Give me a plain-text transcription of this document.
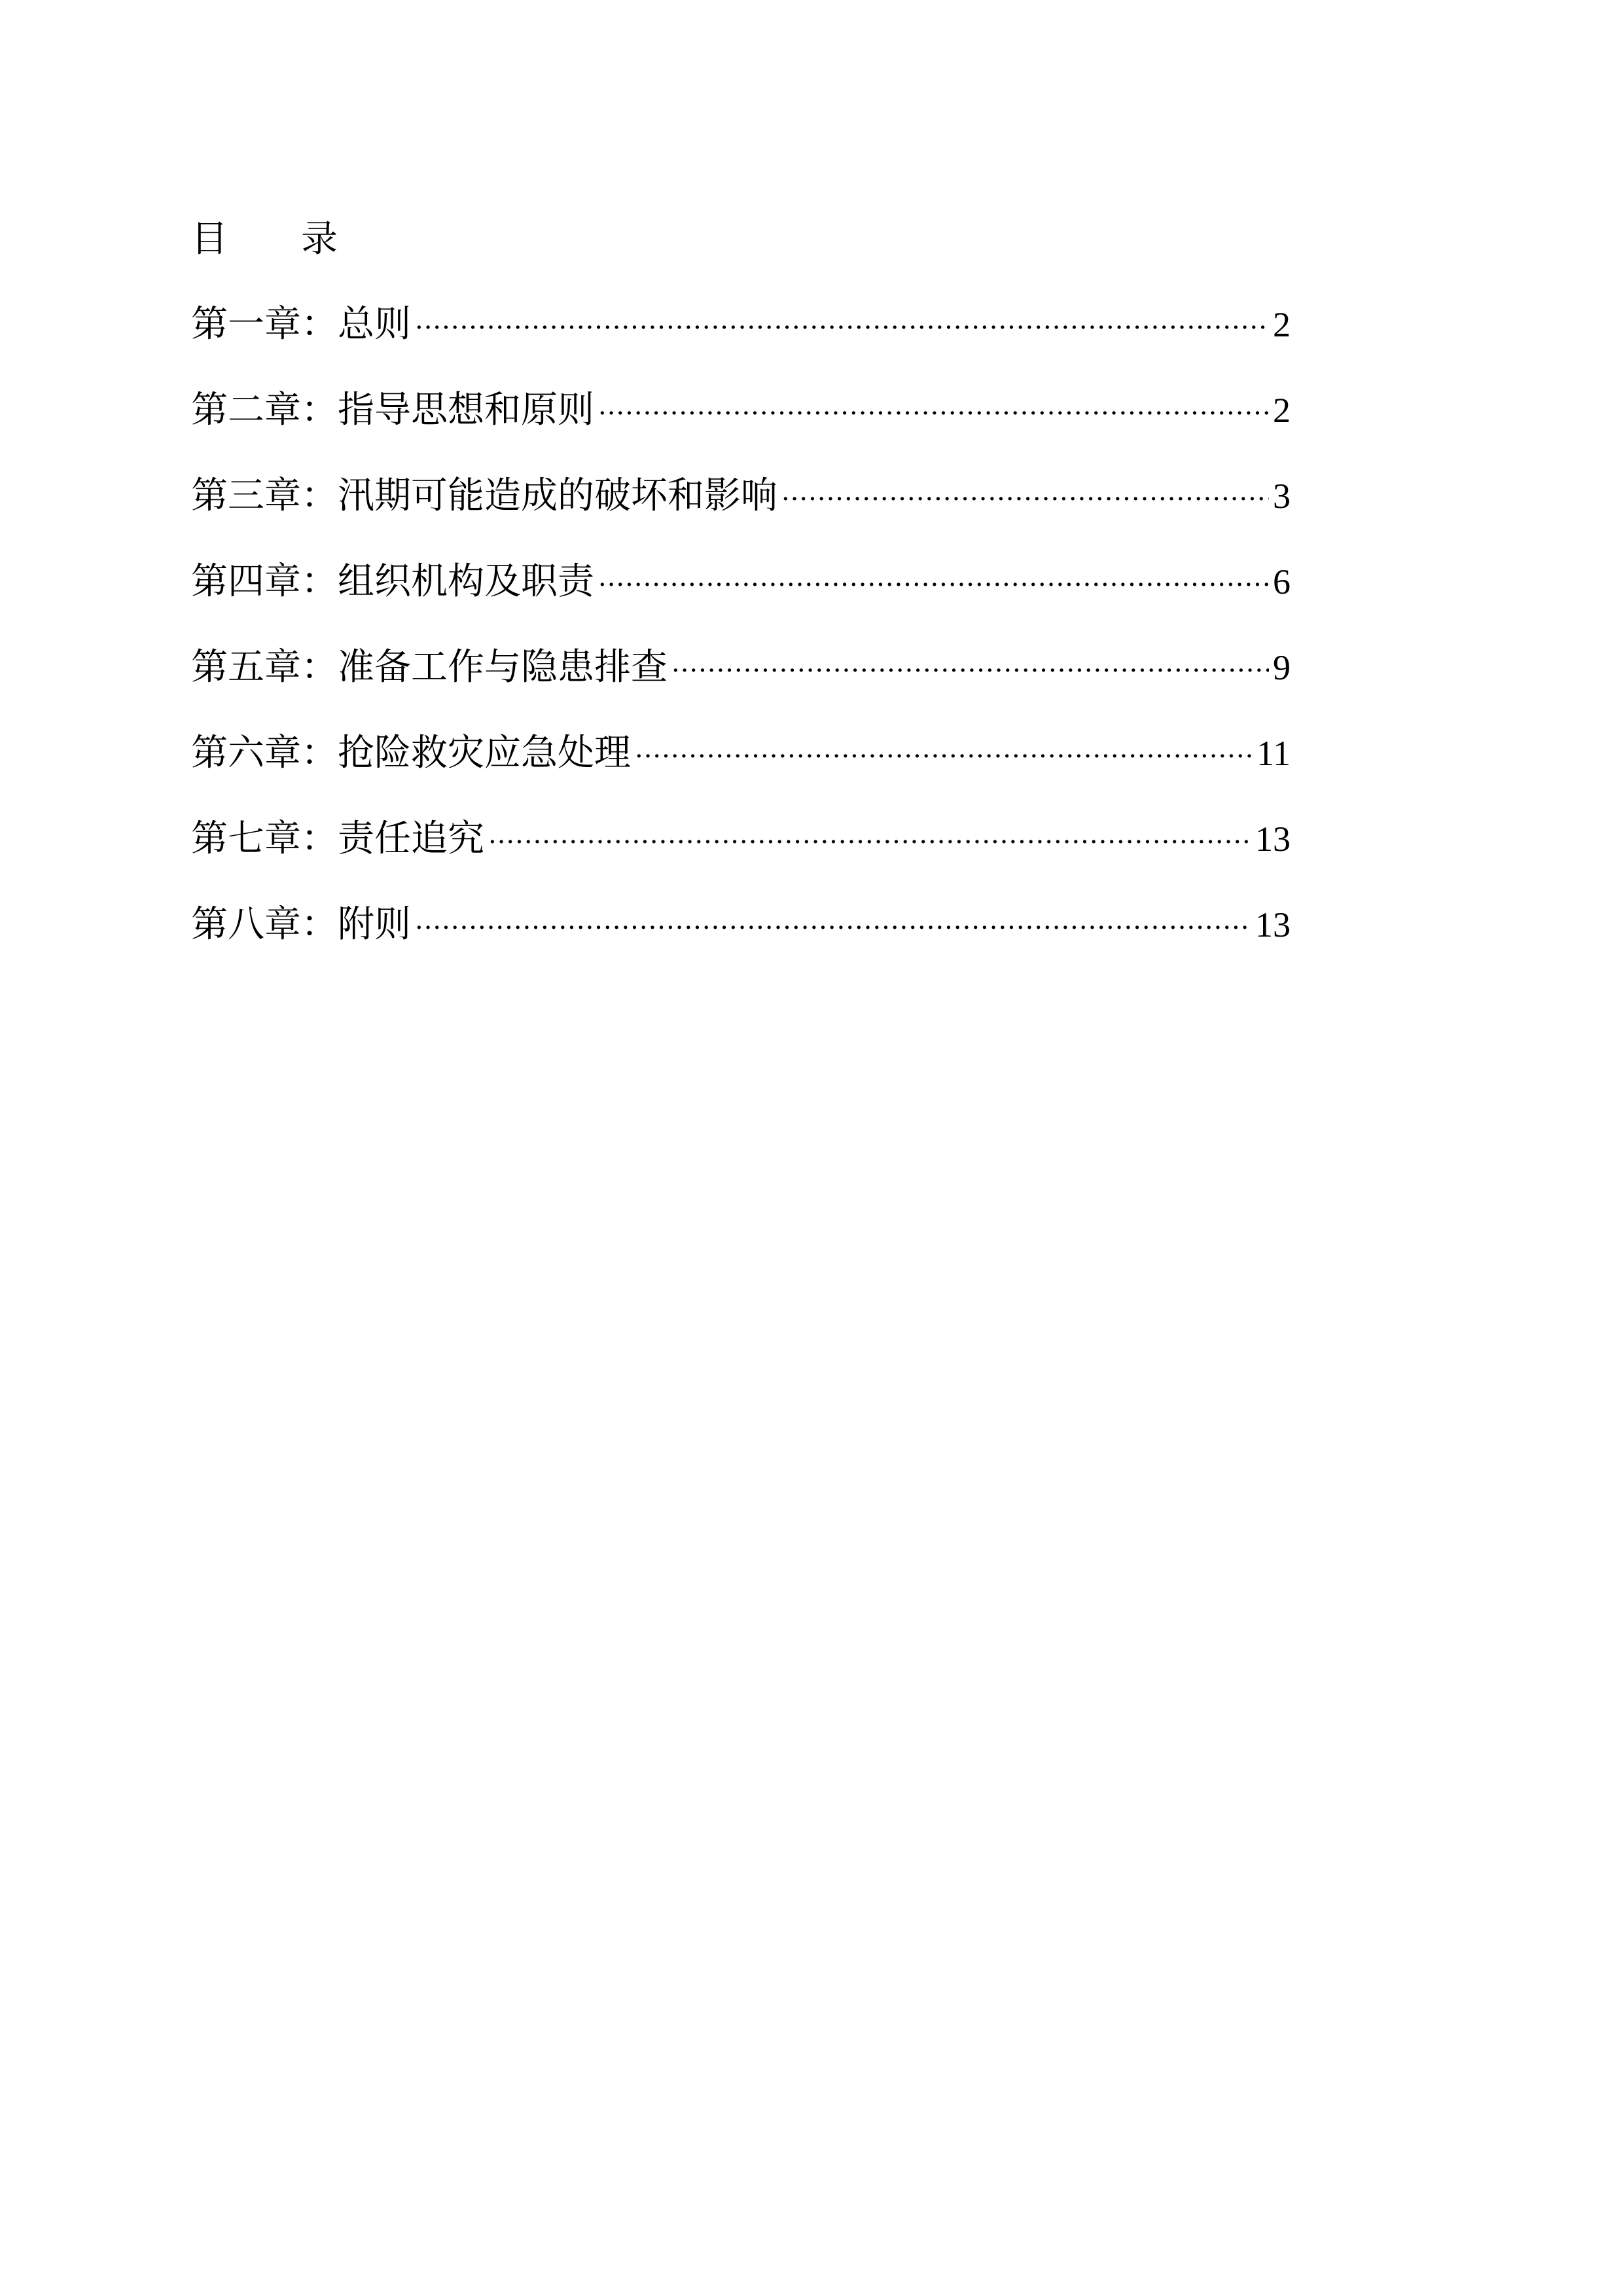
目　　录
第一章：总则 ·····	2
第二章：指导思想和原则 ·····	2
第三章：汛期可能造成的破坏和影响 ·····	3
第四章：组织机构及职责 ·····	6
第五章：准备工作与隐患排查 ·····	9
第六章：抢险救灾应急处理 ·····	11
第七章：责任追究 ·····	13
第八章：附则 ·····	13
